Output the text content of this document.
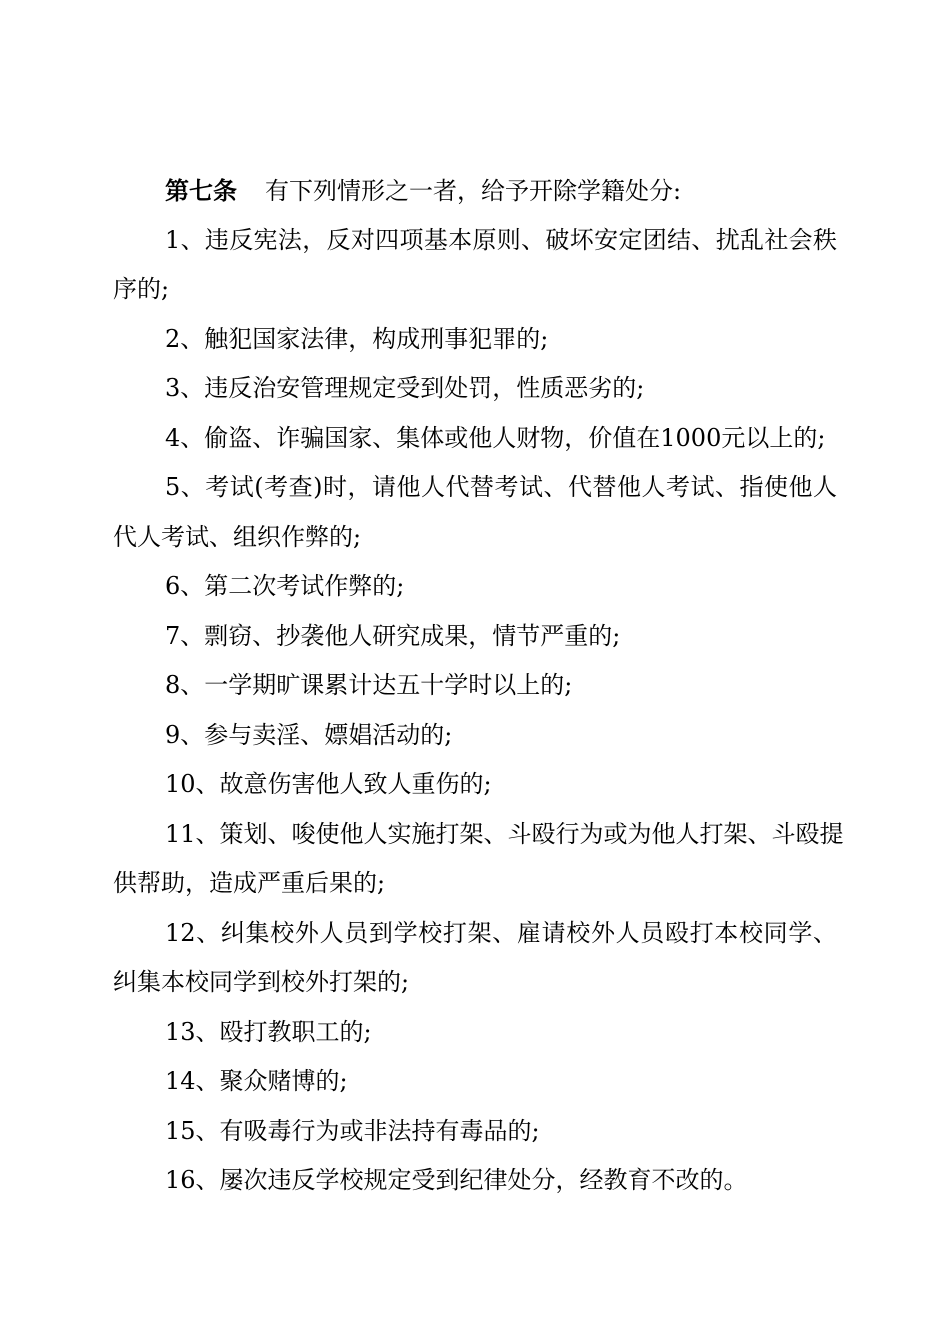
第七条 有下列情形之一者，给予开除学籍处分:
1、违反宪法，反对四项基本原则、破坏安定团结、扰乱社会秩
序的;
2、触犯国家法律，构成刑事犯罪的;
3、违反治安管理规定受到处罚，性质恶劣的;
4、偷盗、诈骗国家、集体或他人财物，价值在1000元以上的;
5、考试(考查)时，请他人代替考试、代替他人考试、指使他人
代人考试、组织作弊的;
6、第二次考试作弊的;
7、剽窃、抄袭他人研究成果，情节严重的;
8、一学期旷课累计达五十学时以上的;
9、参与卖淫、嫖娼活动的;
10、故意伤害他人致人重伤的;
11、策划、唆使他人实施打架、斗殴行为或为他人打架、斗殴提
供帮助，造成严重后果的;
12、纠集校外人员到学校打架、雇请校外人员殴打本校同学、
纠集本校同学到校外打架的;
13、殴打教职工的;
14、聚众赌博的;
15、有吸毒行为或非法持有毒品的;
16、屡次违反学校规定受到纪律处分，经教育不改的。
